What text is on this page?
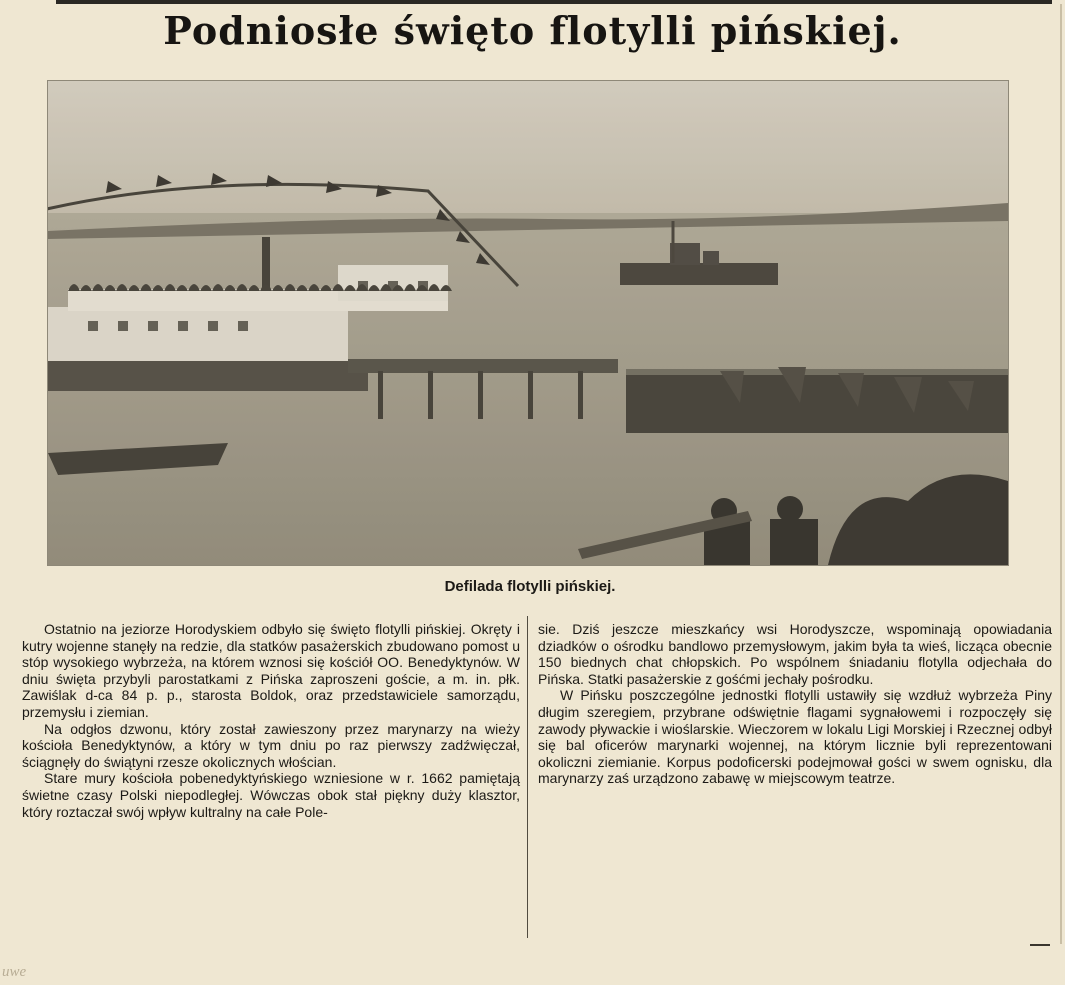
Podniosłe święto flotylli pińskiej.
Defilada flotylli pińskiej.

Ostatnio na jeziorze Horodyskiem odbyło się święto flotylli pińskiej. Okręty i kutry wojenne stanęły na redzie, dla statków pasażerskich zbudowano pomost u stóp wysokiego wybrzeża, na którem wznosi się kościół OO. Benedyktynów. W dniu święta przybyli parostatkami z Pińska zaproszeni goście, a m. in. płk. Zawiślak d-ca 84 p. p., starosta Boldok, oraz przedstawiciele samorządu, przemysłu i ziemian.

Na odgłos dzwonu, który został zawieszony przez marynarzy na wieży kościoła Benedyktynów, a który w tym dniu po raz pierwszy zadźwięczał, ściągnęły do świątyni rzesze okolicznych włościan.

Stare mury kościoła pobenedyktyńskiego wzniesione w r. 1662 pamiętają świetne czasy Polski niepodległej. Wówczas obok stał piękny duży klasztor, który roztaczał swój wpływ kultralny na całe Pole-

sie. Dziś jeszcze mieszkańcy wsi Horodyszcze, wspominają opowiadania dziadków o ośrodku bandlowo przemysłowym, jakim była ta wieś, licząca obecnie 150 biednych chat chłopskich. Po wspólnem śniadaniu flotylla odjechała do Pińska. Statki pasażerskie z gośćmi jechały pośrodku.

W Pińsku poszczególne jednostki flotylli ustawiły się wzdłuż wybrzeża Piny długim szeregiem, przybrane odświętnie flagami sygnałowemi i rozpoczęły się zawody pływackie i wioślarskie. Wieczorem w lokalu Ligi Morskiej i Rzecznej odbył się bal oficerów marynarki wojennej, na którym licznie byli reprezentowani okoliczni ziemianie. Korpus podoficerski podejmował gości w swem ognisku, dla marynarzy zaś urządzono zabawę w miejscowym teatrze.

uwe
